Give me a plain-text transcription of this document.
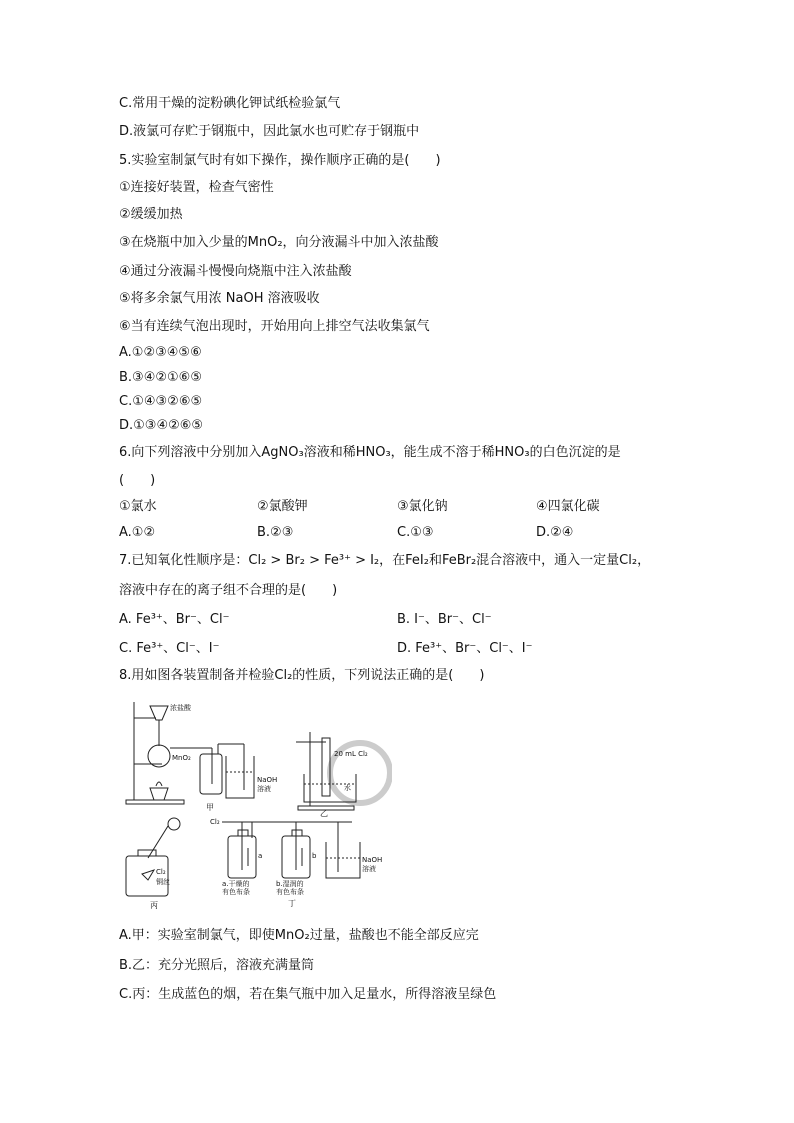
C.常用干燥的淀粉碘化钾试纸检验氯气
D.液氯可存贮于钢瓶中，因此氯水也可贮存于钢瓶中
5.实验室制氯气时有如下操作，操作顺序正确的是(　　)
①连接好装置，检查气密性
②缓缓加热
③在烧瓶中加入少量的MnO₂，向分液漏斗中加入浓盐酸
④通过分液漏斗慢慢向烧瓶中注入浓盐酸
⑤将多余氯气用浓 NaOH 溶液吸收
⑥当有连续气泡出现时，开始用向上排空气法收集氯气
A.①②③④⑤⑥
B.③④②①⑥⑤
C.①④③②⑥⑤
D.①③④②⑥⑤
6.向下列溶液中分别加入AgNO₃溶液和稀HNO₃，能生成不溶于稀HNO₃的白色沉淀的是
(　　)
①氯水	②氯酸钾	③氯化钠	④四氯化碳
A.①②	B.②③	C.①③	D.②④
7.已知氧化性顺序是：Cl₂ > Br₂ > Fe³⁺ > I₂，在FeI₂和FeBr₂混合溶液中，通入一定量Cl₂，
溶液中存在的离子组不合理的是(　　)
A. Fe³⁺、Br⁻、Cl⁻	B. I⁻、Br⁻、Cl⁻
C. Fe³⁺、Cl⁻、I⁻	D. Fe³⁺、Br⁻、Cl⁻、I⁻
8.用如图各装置制备并检验Cl₂的性质，下列说法正确的是(　　)
浓盐酸
MnO₂
NaOH
溶液
甲
20 mL Cl₂
水
乙
Cl₂
铜丝
丙
Cl₂
a	b
a.干燥的
有色布条
b.湿润的
有色布条
NaOH
溶液
丁
A.甲：实验室制氯气，即使MnO₂过量，盐酸也不能全部反应完
B.乙：充分光照后，溶液充满量筒
C.丙：生成蓝色的烟，若在集气瓶中加入足量水，所得溶液呈绿色
